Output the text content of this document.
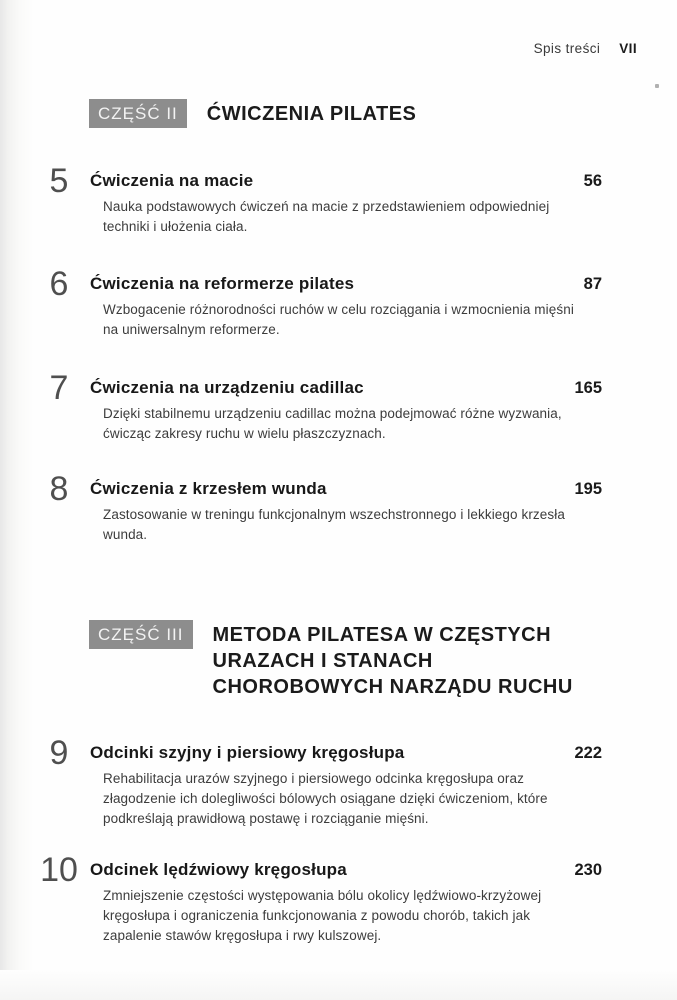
Spis treści VII
CZĘŚĆ II	ĆWICZENIA PILATES
5	Ćwiczenia na macie	56

Nauka podstawowych ćwiczeń na macie z przedstawieniem odpowiedniej techniki i ułożenia ciała.

6	Ćwiczenia na reformerze pilates	87

Wzbogacenie różnorodności ruchów w celu rozciągania i wzmocnienia mięśni na uniwersalnym reformerze.

7	Ćwiczenia na urządzeniu cadillac	165

Dzięki stabilnemu urządzeniu cadillac można podejmować różne wyzwania, ćwicząc zakresy ruchu w wielu płaszczyznach.

8	Ćwiczenia z krzesłem wunda	195

Zastosowanie w treningu funkcjonalnym wszechstronnego i lekkiego krzesła wunda.

CZĘŚĆ III	METODA PILATESA W CZĘSTYCH URAZACH I STANACH CHOROBOWYCH NARZĄDU RUCHU
9	Odcinki szyjny i piersiowy kręgosłupa	222

Rehabilitacja urazów szyjnego i piersiowego odcinka kręgosłupa oraz złagodzenie ich dolegliwości bólowych osiągane dzięki ćwiczeniom, które podkreślają prawidłową postawę i rozciąganie mięśni.

10 Odcinek lędźwiowy kręgosłupa	230

Zmniejszenie częstości występowania bólu okolicy lędźwiowo-krzyżowej kręgosłupa i ograniczenia funkcjonowania z powodu chorób, takich jak zapalenie stawów kręgosłupa i rwy kulszowej.
